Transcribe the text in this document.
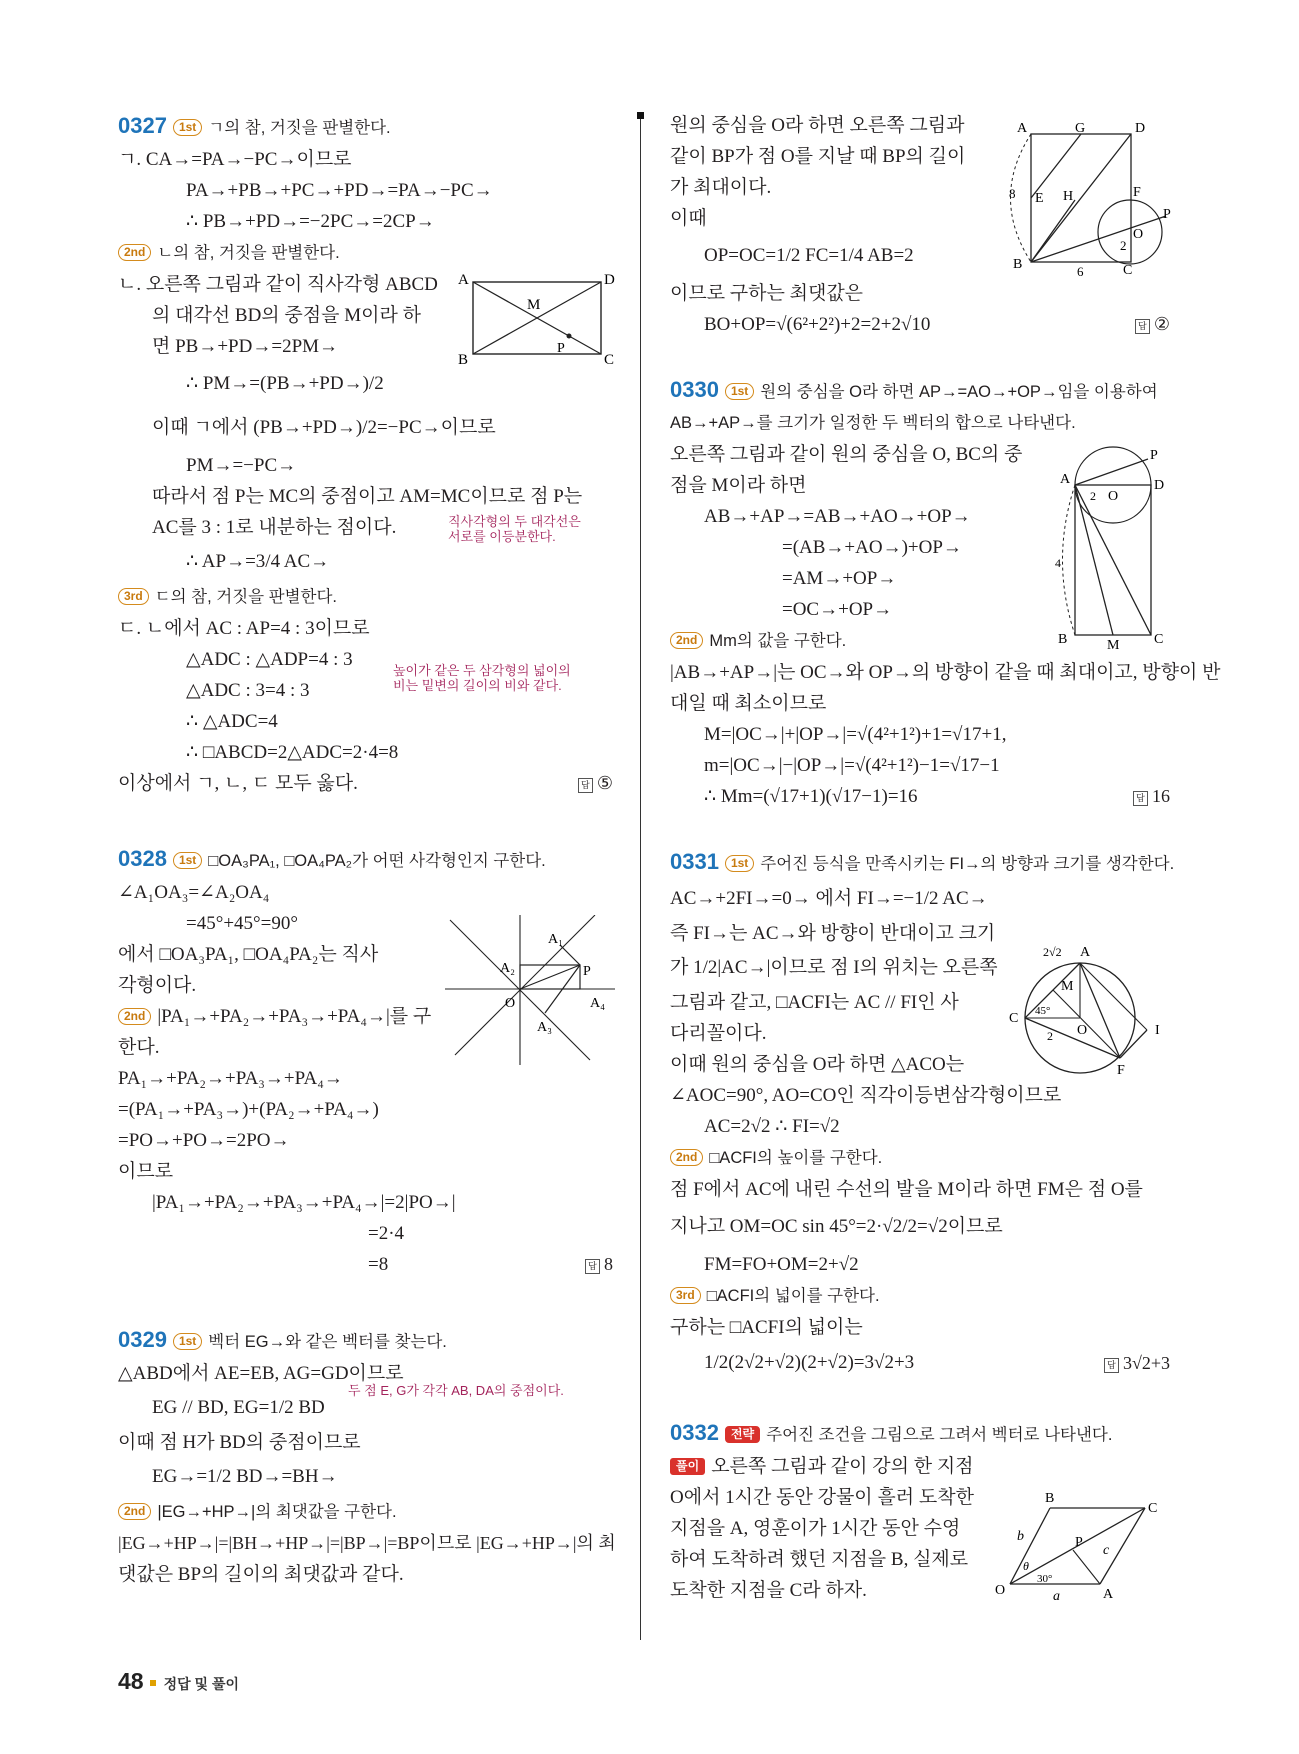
0327 1st ㄱ의 참, 거짓을 판별한다.
ㄱ. CA→=PA→−PC→이므로
PA→+PB→+PC→+PD→=PA→−PC→
∴ PB→+PD→=−2PC→=2CP→
2nd ㄴ의 참, 거짓을 판별한다.
ㄴ. 오른쪽 그림과 같이 직사각형 ABCD
의 대각선 BD의 중점을 M이라 하
면 PB→+PD→=2PM→
∴ PM→=(PB→+PD→)/2
이때 ㄱ에서 (PB→+PD→)/2=−PC→이므로
PM→=−PC→
따라서 점 P는 MC의 중점이고 AM=MC이므로 점 P는
AC를 3 : 1로 내분하는 점이다.	직사각형의 두 대각선은
서로를 이등분한다.
∴ AP→=3/4 AC→
3rd ㄷ의 참, 거짓을 판별한다.
ㄷ. ㄴ에서 AC : AP=4 : 3이므로
△ADC : △ADP=4 : 3
△ADC : 3=4 : 3
높이가 같은 두 삼각형의 넓이의
비는 밑변의 길이의 비와 같다.
∴ △ADC=4
∴ □ABCD=2△ADC=2·4=8
이상에서 ㄱ, ㄴ, ㄷ 모두 옳다.	답 ⑤
0328 1st □OA₃PA₁, □OA₄PA₂가 어떤 사각형인지 구한다.
∠A₁OA₃=∠A₂OA₄
=45°+45°=90°
에서 □OA₃PA₁, □OA₄PA₂는 직사
각형이다.
2nd |PA₁→+PA₂→+PA₃→+PA₄→|를 구
한다.
PA₁→+PA₂→+PA₃→+PA₄→
=(PA₁→+PA₃→)+(PA₂→+PA₄→)
=PO→+PO→=2PO→
이므로
|PA₁→+PA₂→+PA₃→+PA₄→|=2|PO→|
=2·4
=8	답 8
0329 1st 벡터 EG→와 같은 벡터를 찾는다.
△ABD에서 AE=EB, AG=GD이므로
EG // BD, EG=1/2 BD
두 점 E, G가 각각 AB, DA의 중점이다.
이때 점 H가 BD의 중점이므로
EG→=1/2 BD→=BH→
2nd |EG→+HP→|의 최댓값을 구한다.
|EG→+HP→|=|BH→+HP→|=|BP→|=BP이므로 |EG→+HP→|의 최
댓값은 BP의 길이의 최댓값과 같다.
원의 중심을 O라 하면 오른쪽 그림과
같이 BP가 점 O를 지날 때 BP의 길이
가 최대이다.
이때
OP=OC=1/2 FC=1/4 AB=2
이므로 구하는 최댓값은
BO+OP=√(6²+2²)+2=2+2√10	답 ②
0330 1st 원의 중심을 O라 하면 AP→=AO→+OP→임을 이용하여
AB→+AP→를 크기가 일정한 두 벡터의 합으로 나타낸다.
오른쪽 그림과 같이 원의 중심을 O, BC의 중
점을 M이라 하면
AB→+AP→=AB→+AO→+OP→
=(AB→+AO→)+OP→
=AM→+OP→
=OC→+OP→
2nd Mm의 값을 구한다.
|AB→+AP→|는 OC→와 OP→의 방향이 같을 때 최대이고, 방향이 반
대일 때 최소이므로
M=|OC→|+|OP→|=√(4²+1²)+1=√17+1,
m=|OC→|−|OP→|=√(4²+1²)−1=√17−1
∴ Mm=(√17+1)(√17−1)=16	답 16
0331 1st 주어진 등식을 만족시키는 FI→의 방향과 크기를 생각한다.
AC→+2FI→=0→ 에서 FI→=−1/2 AC→
즉 FI→는 AC→와 방향이 반대이고 크기
가 1/2|AC→|이므로 점 I의 위치는 오른쪽
그림과 같고, □ACFI는 AC // FI인 사
다리꼴이다.
이때 원의 중심을 O라 하면 △ACO는
∠AOC=90°, AO=CO인 직각이등변삼각형이므로
AC=2√2 ∴ FI=√2
2nd □ACFI의 높이를 구한다.
점 F에서 AC에 내린 수선의 발을 M이라 하면 FM은 점 O를
지나고 OM=OC sin 45°=2·√2/2=√2이므로
FM=FO+OM=2+√2
3rd □ACFI의 넓이를 구한다.
구하는 □ACFI의 넓이는
1/2(2√2+√2)(2+√2)=3√2+3	답 3√2+3
0332 전략 주어진 조건을 그림으로 그려서 벡터로 나타낸다.
풀이 오른쪽 그림과 같이 강의 한 지점
O에서 1시간 동안 강물이 흘러 도착한
지점을 A, 영훈이가 1시간 동안 수영
하여 도착하려 했던 지점을 B, 실제로
도착한 지점을 C라 하자.
A
B	C
D
M
P
A₁
A₂
A₃
A₄
O
P
A
B	C
D
E	F
G
H
O
P
8
6
2
A
B	C
D
M
O
P
2
4
A
C
F
I
M
O
2√2
2
45°
O	A
B
C
P
b
c
a
θ
30°
48 정답 및 풀이
